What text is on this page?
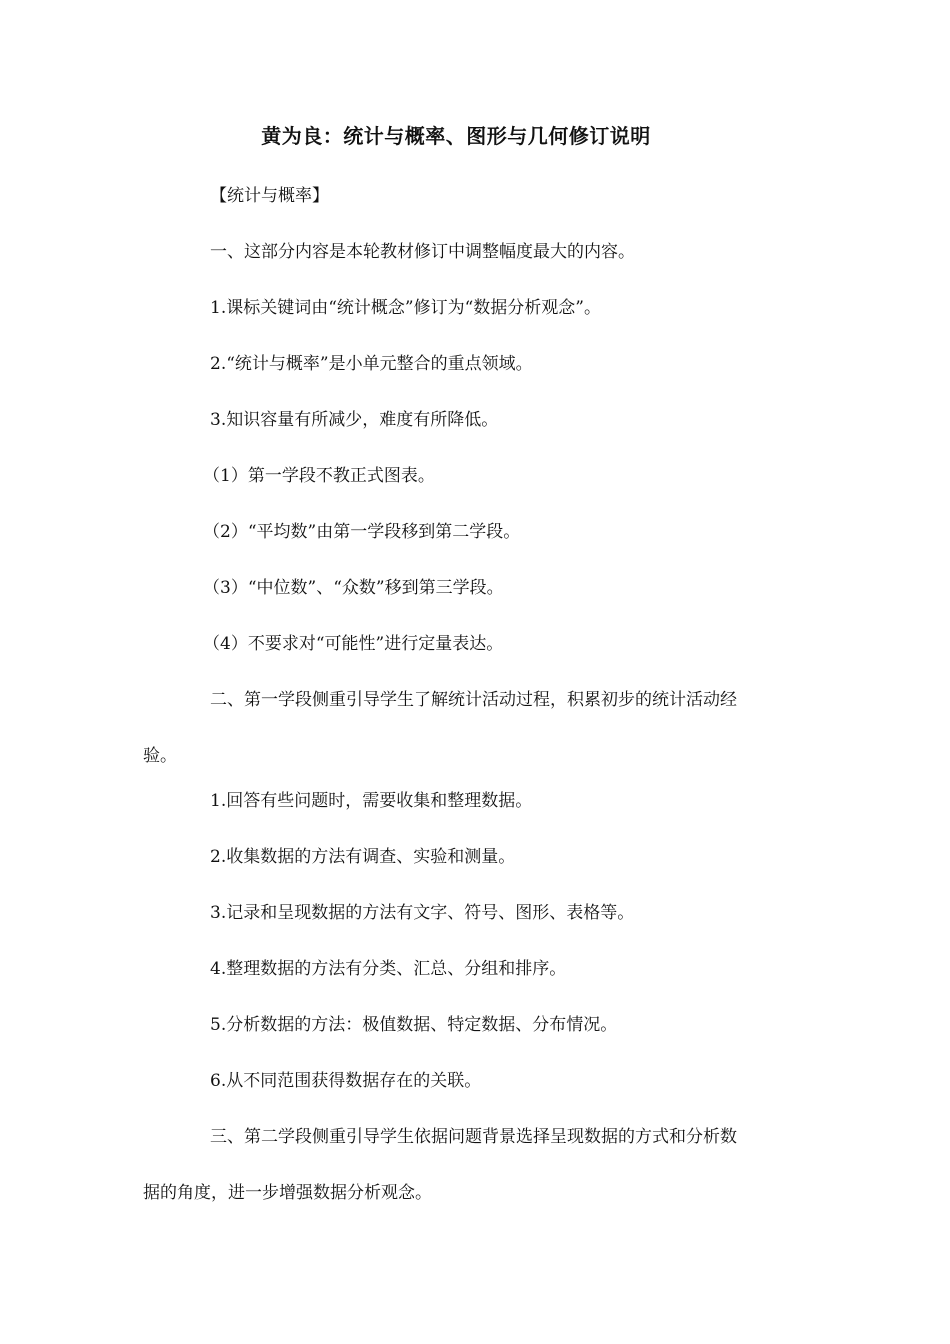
黄为良：统计与概率、图形与几何修订说明

【统计与概率】

一、这部分内容是本轮教材修订中调整幅度最大的内容。

1.课标关键词由“统计概念”修订为“数据分析观念”。

2.“统计与概率”是小单元整合的重点领域。

3.知识容量有所减少，难度有所降低。

（1）第一学段不教正式图表。

（2）“平均数”由第一学段移到第二学段。

（3）“中位数”、“众数”移到第三学段。

（4）不要求对“可能性”进行定量表达。

二、第一学段侧重引导学生了解统计活动过程，积累初步的统计活动经
验。

1.回答有些问题时，需要收集和整理数据。

2.收集数据的方法有调查、实验和测量。

3.记录和呈现数据的方法有文字、符号、图形、表格等。

4.整理数据的方法有分类、汇总、分组和排序。

5.分析数据的方法：极值数据、特定数据、分布情况。

6.从不同范围获得数据存在的关联。

三、第二学段侧重引导学生依据问题背景选择呈现数据的方式和分析数
据的角度，进一步增强数据分析观念。
